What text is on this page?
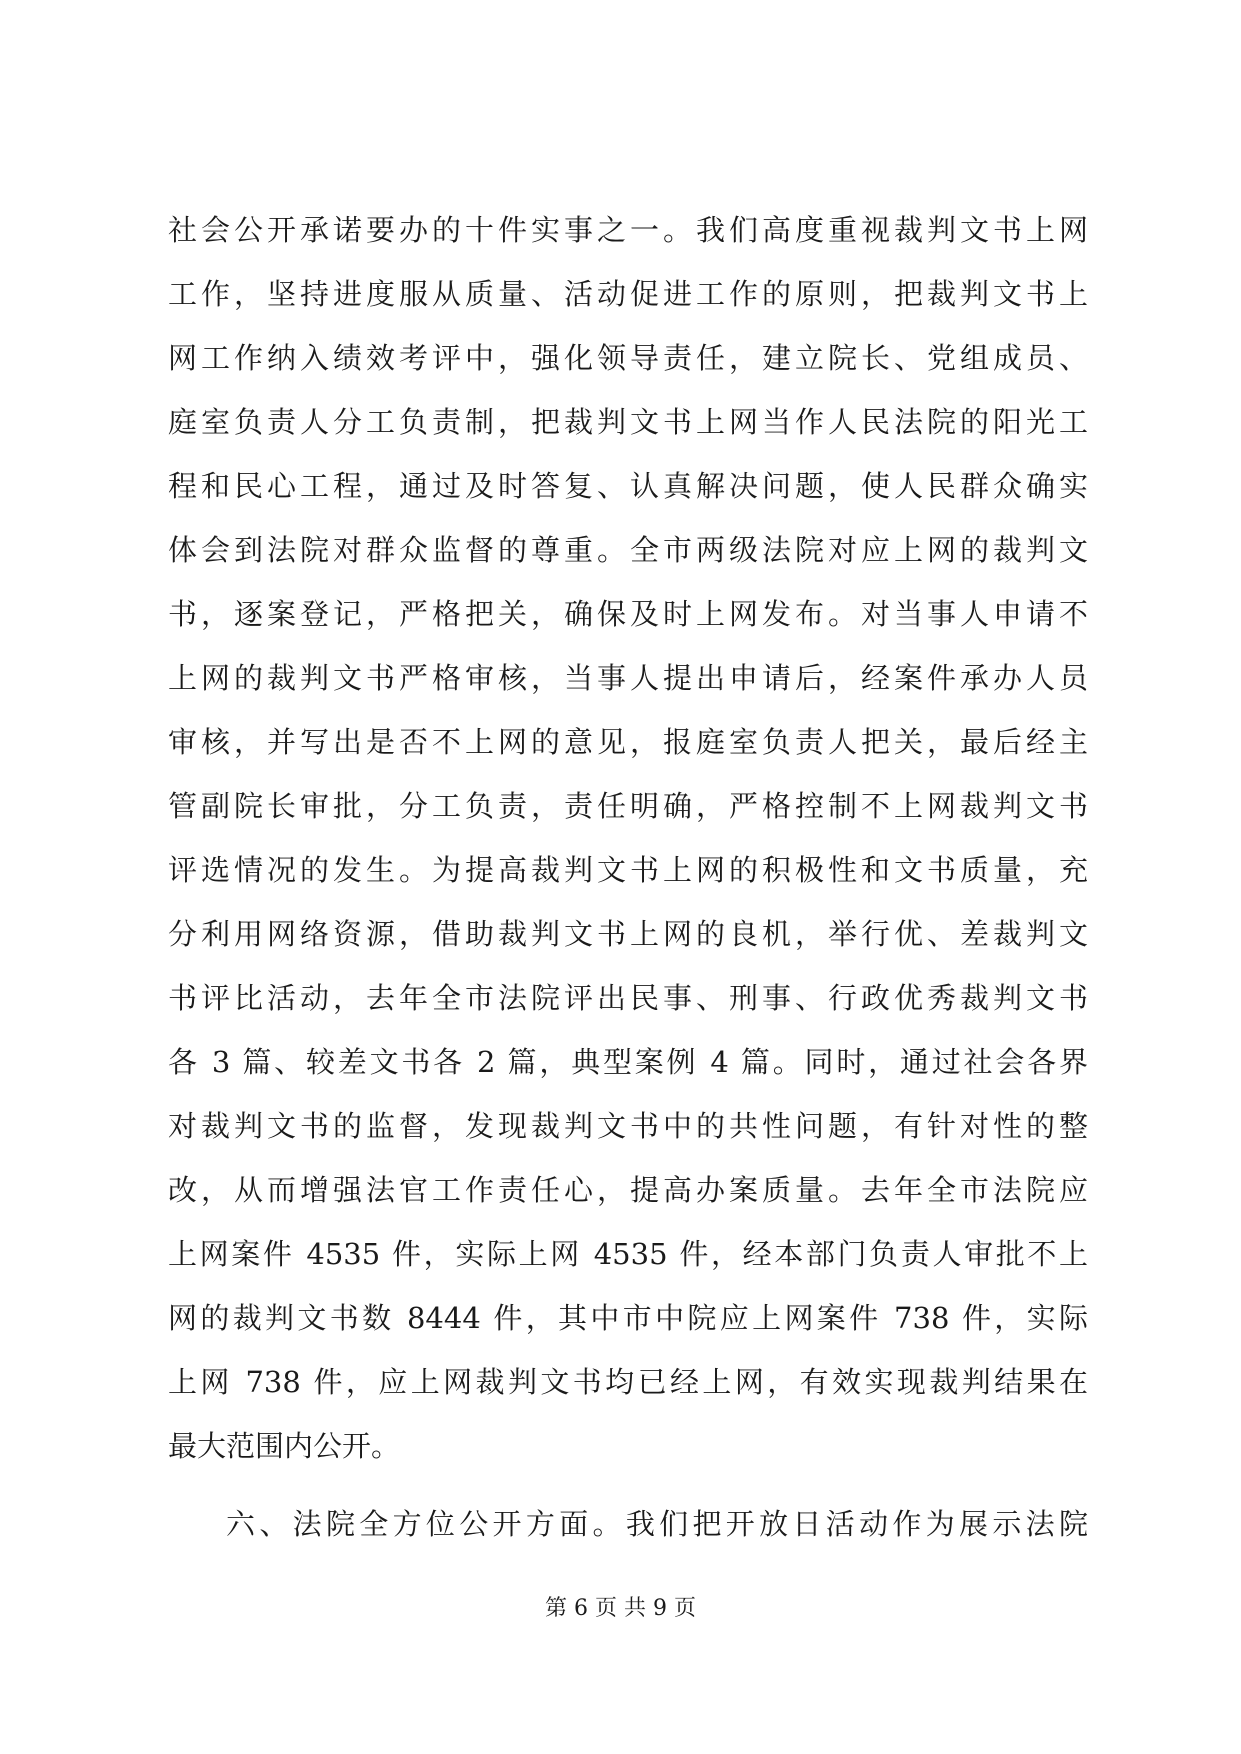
社会公开承诺要办的十件实事之一。我们高度重视裁判文书上网
工作，坚持进度服从质量、活动促进工作的原则，把裁判文书上
网工作纳入绩效考评中，强化领导责任，建立院长、党组成员、
庭室负责人分工负责制，把裁判文书上网当作人民法院的阳光工
程和民心工程，通过及时答复、认真解决问题，使人民群众确实
体会到法院对群众监督的尊重。全市两级法院对应上网的裁判文
书，逐案登记，严格把关，确保及时上网发布。对当事人申请不
上网的裁判文书严格审核，当事人提出申请后，经案件承办人员
审核，并写出是否不上网的意见，报庭室负责人把关，最后经主
管副院长审批，分工负责，责任明确，严格控制不上网裁判文书
评选情况的发生。为提高裁判文书上网的积极性和文书质量，充
分利用网络资源，借助裁判文书上网的良机，举行优、差裁判文
书评比活动，去年全市法院评出民事、刑事、行政优秀裁判文书
各 3 篇、较差文书各 2 篇，典型案例 4 篇。同时，通过社会各界
对裁判文书的监督，发现裁判文书中的共性问题，有针对性的整
改，从而增强法官工作责任心，提高办案质量。去年全市法院应
上网案件 4535 件，实际上网 4535 件，经本部门负责人审批不上
网的裁判文书数 8444 件，其中市中院应上网案件 738 件，实际
上网 738 件，应上网裁判文书均已经上网，有效实现裁判结果在
最大范围内公开。
六、法院全方位公开方面。我们把开放日活动作为展示法院
第 6 页 共 9 页
